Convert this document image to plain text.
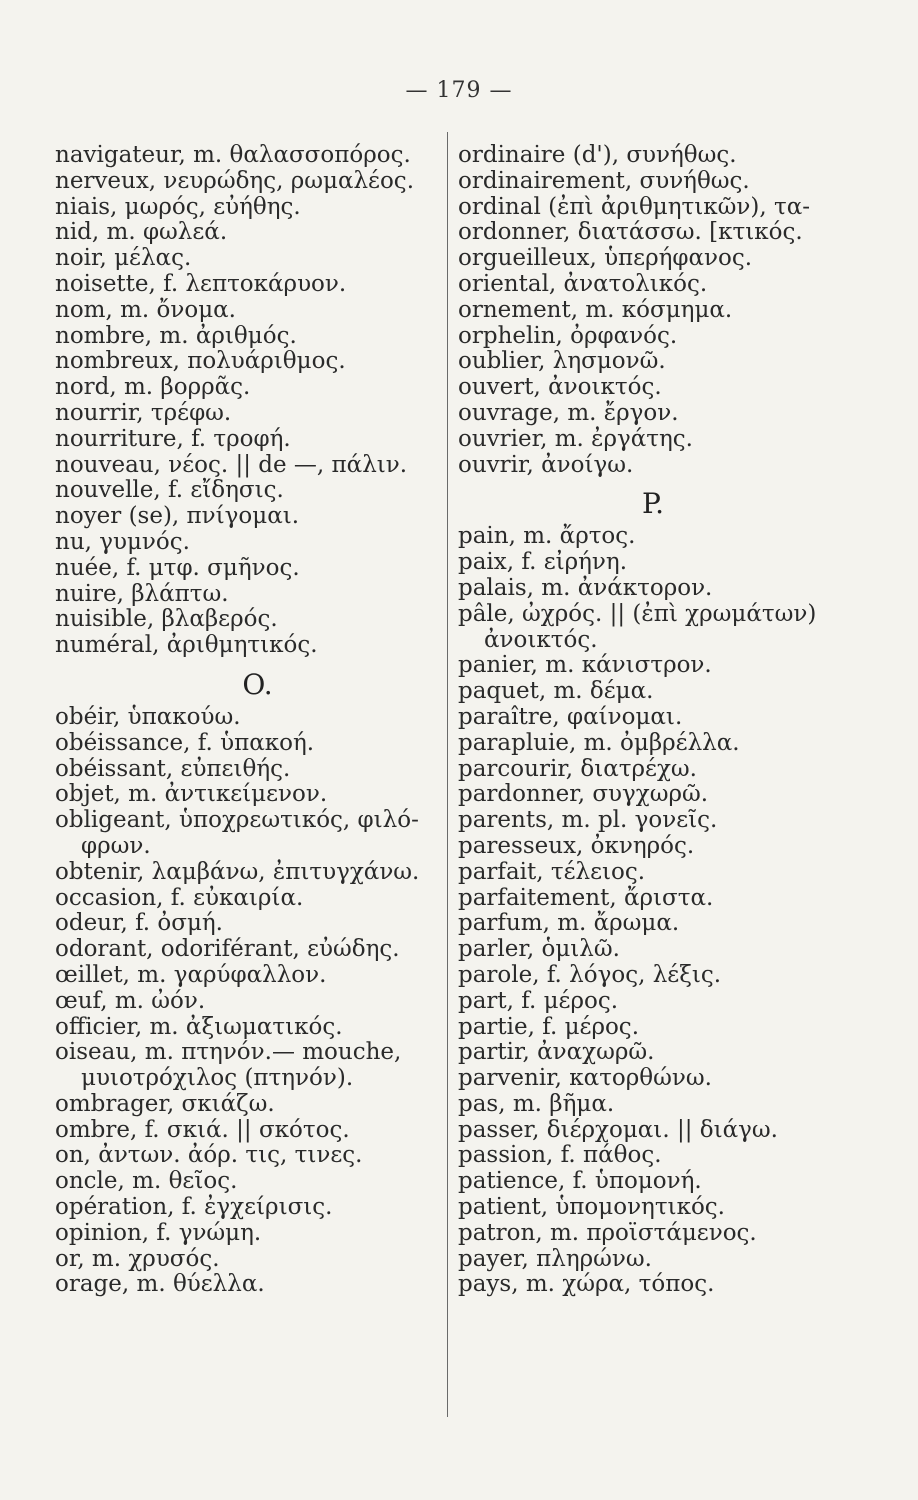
— 179 —
navigateur, m. θαλασσοπόρος.
nerveux, νευρώδης, ρωμαλέος.
niais, μωρός, εὐήθης.
nid, m. φωλεά.
noir, μέλας.
noisette, f. λεπτοκάρυον.
nom, m. ὄνομα.
nombre, m. ἀριθμός.
nombreux, πολυάριθμος.
nord, m. βορρᾶς.
nourrir, τρέφω.
nourriture, f. τροφή.
nouveau, νέος. || de —, πάλιν.
nouvelle, f. εἴδησις.
noyer (se), πνίγομαι.
nu, γυμνός.
nuée, f. μτφ. σμῆνος.
nuire, βλάπτω.
nuisible, βλαβερός.
numéral, ἀριθμητικός.
O.
obéir, ὑπακούω.
obéissance, f. ὑπακοή.
obéissant, εὐπειθής.
objet, m. ἀντικείμενον.
obligeant, ὑποχρεωτικός, φιλό-
φρων.
obtenir, λαμβάνω, ἐπιτυγχάνω.
occasion, f. εὐκαιρία.
odeur, f. ὀσμή.
odorant, odoriférant, εὐώδης.
œillet, m. γαρύφαλλον.
œuf, m. ὠόν.
officier, m. ἀξιωματικός.
oiseau, m. πτηνόν.— mouche,
μυιοτρόχιλος (πτηνόν).
ombrager, σκιάζω.
ombre, f. σκιά. || σκότος.
on, ἀντων. ἀόρ. τις, τινες.
oncle, m. θεῖος.
opération, f. ἐγχείρισις.
opinion, f. γνώμη.
or, m. χρυσός.
orage, m. θύελλα.
ordinaire (d'), συνήθως.
ordinairement, συνήθως.
ordinal (ἐπὶ ἀριθμητικῶν), τα-
ordonner, διατάσσω. [κτικός.
orgueilleux, ὑπερήφανος.
oriental, ἀνατολικός.
ornement, m. κόσμημα.
orphelin, ὀρφανός.
oublier, λησμονῶ.
ouvert, ἀνοικτός.
ouvrage, m. ἔργον.
ouvrier, m. ἐργάτης.
ouvrir, ἀνοίγω.
P.
pain, m. ἄρτος.
paix, f. εἰρήνη.
palais, m. ἀνάκτορον.
pâle, ὠχρός. || (ἐπὶ χρωμάτων)
ἀνοικτός.
panier, m. κάνιστρον.
paquet, m. δέμα.
paraître, φαίνομαι.
parapluie, m. ὀμβρέλλα.
parcourir, διατρέχω.
pardonner, συγχωρῶ.
parents, m. pl. γονεῖς.
paresseux, ὀκνηρός.
parfait, τέλειος.
parfaitement, ἄριστα.
parfum, m. ἄρωμα.
parler, ὁμιλῶ.
parole, f. λόγος, λέξις.
part, f. μέρος.
partie, f. μέρος.
partir, ἀναχωρῶ.
parvenir, κατορθώνω.
pas, m. βῆμα.
passer, διέρχομαι. || διάγω.
passion, f. πάθος.
patience, f. ὑπομονή.
patient, ὑπομονητικός.
patron, m. προϊστάμενος.
payer, πληρώνω.
pays, m. χώρα, τόπος.
